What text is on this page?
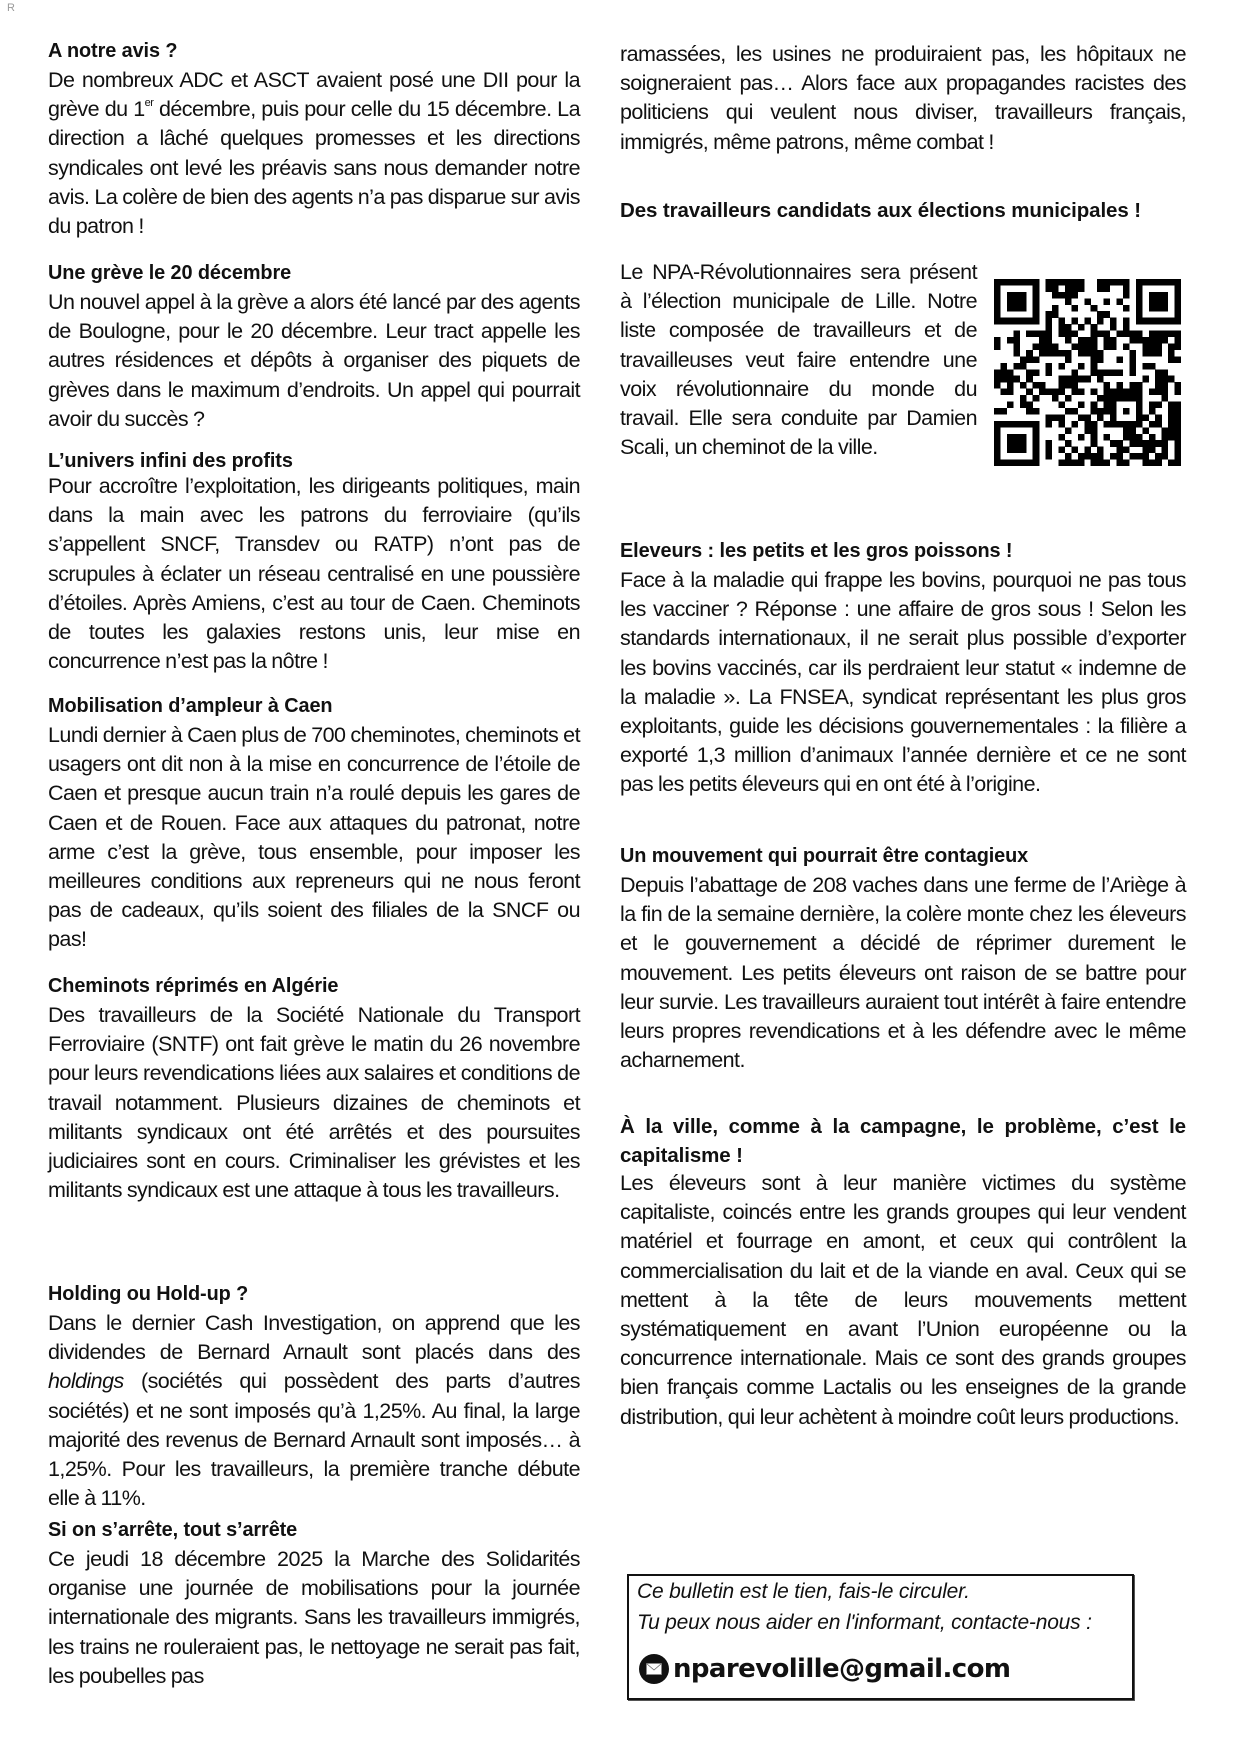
R
A notre avis ?

De nombreux ADC et ASCT avaient posé une DII pour la grève du 1er décembre, puis pour celle du 15 décembre. La direction a lâché quelques promesses et les directions syndicales ont levé les préavis sans nous demander notre avis. La colère de bien des agents n’a pas disparue sur avis du patron !

Une grève le 20 décembre

Un nouvel appel à la grève a alors été lancé par des agents de Boulogne, pour le 20 décembre. Leur tract appelle les autres résidences et dépôts à organiser des piquets de grèves dans le maximum d’endroits. Un appel qui pourrait avoir du succès ?

L’univers infini des profits

Pour accroître l’exploitation, les dirigeants politiques, main dans la main avec les patrons du ferroviaire (qu’ils s’appellent SNCF, Transdev ou RATP) n’ont pas de scrupules à éclater un réseau centralisé en une poussière d’étoiles. Après Amiens, c’est au tour de Caen. Cheminots de toutes les galaxies restons unis, leur mise en concurrence n’est pas la nôtre !

Mobilisation d’ampleur à Caen

Lundi dernier à Caen plus de 700 cheminotes, cheminots et usagers ont dit non à la mise en concurrence de l’étoile de Caen et presque aucun train n’a roulé depuis les gares de Caen et de Rouen. Face aux attaques du patronat, notre arme c’est la grève, tous ensemble, pour imposer les meilleures conditions aux repreneurs qui ne nous feront pas de cadeaux, qu’ils soient des filiales de la SNCF ou pas!

Cheminots réprimés en Algérie

Des travailleurs de la Société Nationale du Transport Ferroviaire (SNTF) ont fait grève le matin du 26 novembre pour leurs revendications liées aux salaires et conditions de travail notamment. Plusieurs dizaines de cheminots et militants syndicaux ont été arrêtés et des poursuites judiciaires sont en cours. Criminaliser les grévistes et les militants syndicaux est une attaque à tous les travailleurs.

Holding ou Hold-up ?

Dans le dernier Cash Investigation, on apprend que les dividendes de Bernard Arnault sont placés dans des holdings (sociétés qui possèdent des parts d’autres sociétés) et ne sont imposés qu’à 1,25%. Au final, la large majorité des revenus de Bernard Arnault sont imposés… à 1,25%. Pour les travailleurs, la première tranche débute elle à 11%.

Si on s’arrête, tout s’arrête

Ce jeudi 18 décembre 2025 la Marche des Solidarités organise une journée de mobilisations pour la journée internationale des migrants. Sans les travailleurs immigrés, les trains ne rouleraient pas, le nettoyage ne serait pas fait, les poubelles pas

ramassées, les usines ne produiraient pas, les hôpitaux ne soigneraient pas… Alors face aux propagandes racistes des politiciens qui veulent nous diviser, travailleurs français, immigrés, même patrons, même combat !

Des travailleurs candidats aux élections municipales !

Le NPA-Révolutionnaires sera présent à l’élection municipale de Lille. Notre liste composée de travailleurs et de travailleuses veut faire entendre une voix révolutionnaire du monde du travail. Elle sera conduite par Damien Scali, un cheminot de la ville.

Eleveurs : les petits et les gros poissons !

Face à la maladie qui frappe les bovins, pourquoi ne pas tous les vacciner ? Réponse : une affaire de gros sous ! Selon les standards internationaux, il ne serait plus possible d’exporter les bovins vaccinés, car ils perdraient leur statut « indemne de la maladie ». La FNSEA, syndicat représentant les plus gros exploitants, guide les décisions gouvernementales : la filière a exporté 1,3 million d’animaux l’année dernière et ce ne sont pas les petits éleveurs qui en ont été à l’origine.

Un mouvement qui pourrait être contagieux

Depuis l’abattage de 208 vaches dans une ferme de l’Ariège à la fin de la semaine dernière, la colère monte chez les éleveurs et le gouvernement a décidé de réprimer durement le mouvement. Les petits éleveurs ont raison de se battre pour leur survie. Les travailleurs auraient tout intérêt à faire entendre leurs propres revendications et à les défendre avec le même acharnement.

À la ville, comme à la campagne, le problème, c’est le capitalisme !

Les éleveurs sont à leur manière victimes du système capitaliste, coincés entre les grands groupes qui leur vendent matériel et fourrage en amont, et ceux qui contrôlent la commercialisation du lait et de la viande en aval. Ceux qui se mettent à la tête de leurs mouvements mettent systématiquement en avant l’Union européenne ou la concurrence internationale. Mais ce sont des grands groupes bien français comme Lactalis ou les enseignes de la grande distribution, qui leur achètent à moindre coût leurs productions.

Ce bulletin est le tien, fais-le circuler.
Tu peux nous aider en l'informant, contacte-nous :
nparevolille@gmail.com
